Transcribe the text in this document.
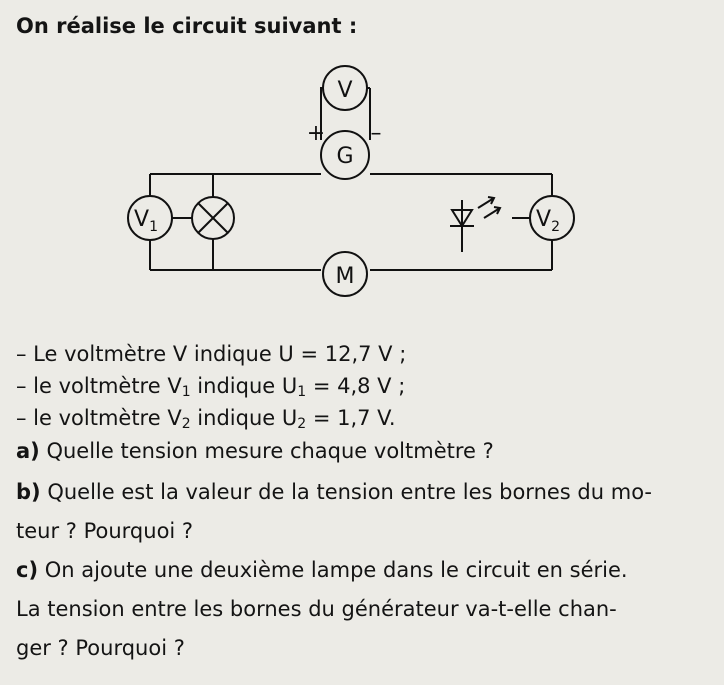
On réalise le circuit suivant :
V
G
+ –
$V_1$	$V_2$
M
– Le voltmètre V indique U = 12,7 V ;
– le voltmètre $V_1$ indique $U_1 = 4,8$ V ;
– le voltmètre $V_2$ indique $U_2 = 1,7$ V.
a) Quelle tension mesure chaque voltmètre ?
b) Quelle est la valeur de la tension entre les bornes du mo-
teur ? Pourquoi ?
c) On ajoute une deuxième lampe dans le circuit en série.
La tension entre les bornes du générateur va-t-elle chan-
ger ? Pourquoi ?
